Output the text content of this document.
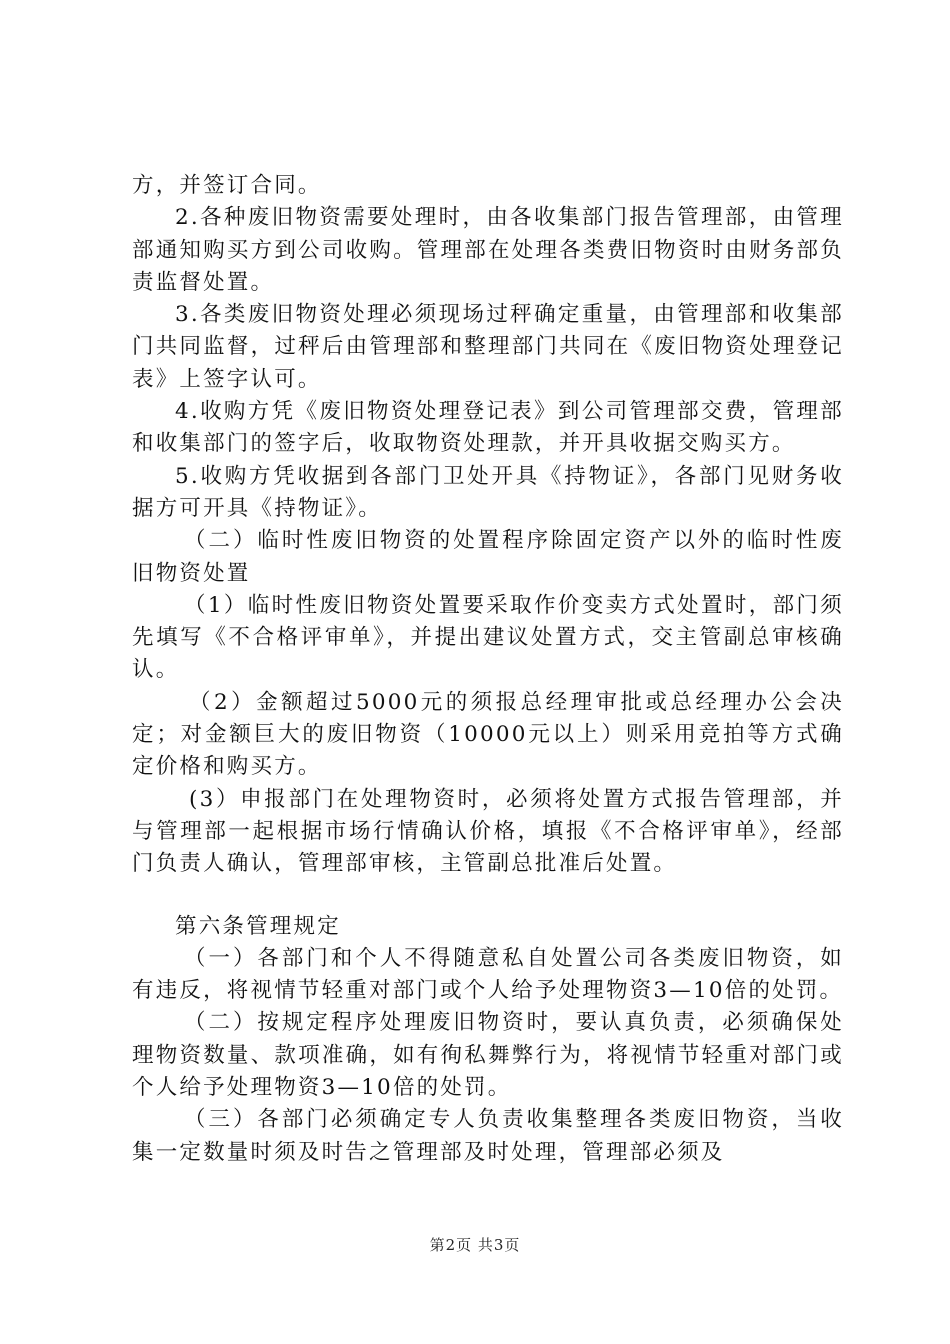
方，并签订合同。

2.各种废旧物资需要处理时，由各收集部门报告管理部，由管理部通知购买方到公司收购。管理部在处理各类费旧物资时由财务部负责监督处置。

3.各类废旧物资处理必须现场过秤确定重量，由管理部和收集部门共同监督，过秤后由管理部和整理部门共同在《废旧物资处理登记表》上签字认可。

4.收购方凭《废旧物资处理登记表》到公司管理部交费，管理部和收集部门的签字后，收取物资处理款，并开具收据交购买方。

5.收购方凭收据到各部门卫处开具《持物证》，各部门见财务收据方可开具《持物证》。

（二）临时性废旧物资的处置程序除固定资产以外的临时性废旧物资处置

（1）临时性废旧物资处置要采取作价变卖方式处置时，部门须先填写《不合格评审单》，并提出建议处置方式，交主管副总审核确认。

（2）金额超过5000元的须报总经理审批或总经理办公会决定；对金额巨大的废旧物资（10000元以上）则采用竞拍等方式确定价格和购买方。

(3）申报部门在处理物资时，必须将处置方式报告管理部，并与管理部一起根据市场行情确认价格，填报《不合格评审单》，经部门负责人确认，管理部审核，主管副总批准后处置。

第六条管理规定

（一）各部门和个人不得随意私自处置公司各类废旧物资，如有违反，将视情节轻重对部门或个人给予处理物资3—10倍的处罚。

（二）按规定程序处理废旧物资时，要认真负责，必须确保处理物资数量、款项准确，如有徇私舞弊行为，将视情节轻重对部门或个人给予处理物资3—10倍的处罚。

（三）各部门必须确定专人负责收集整理各类废旧物资，当收集一定数量时须及时告之管理部及时处理，管理部必须及

第2页 共3页
